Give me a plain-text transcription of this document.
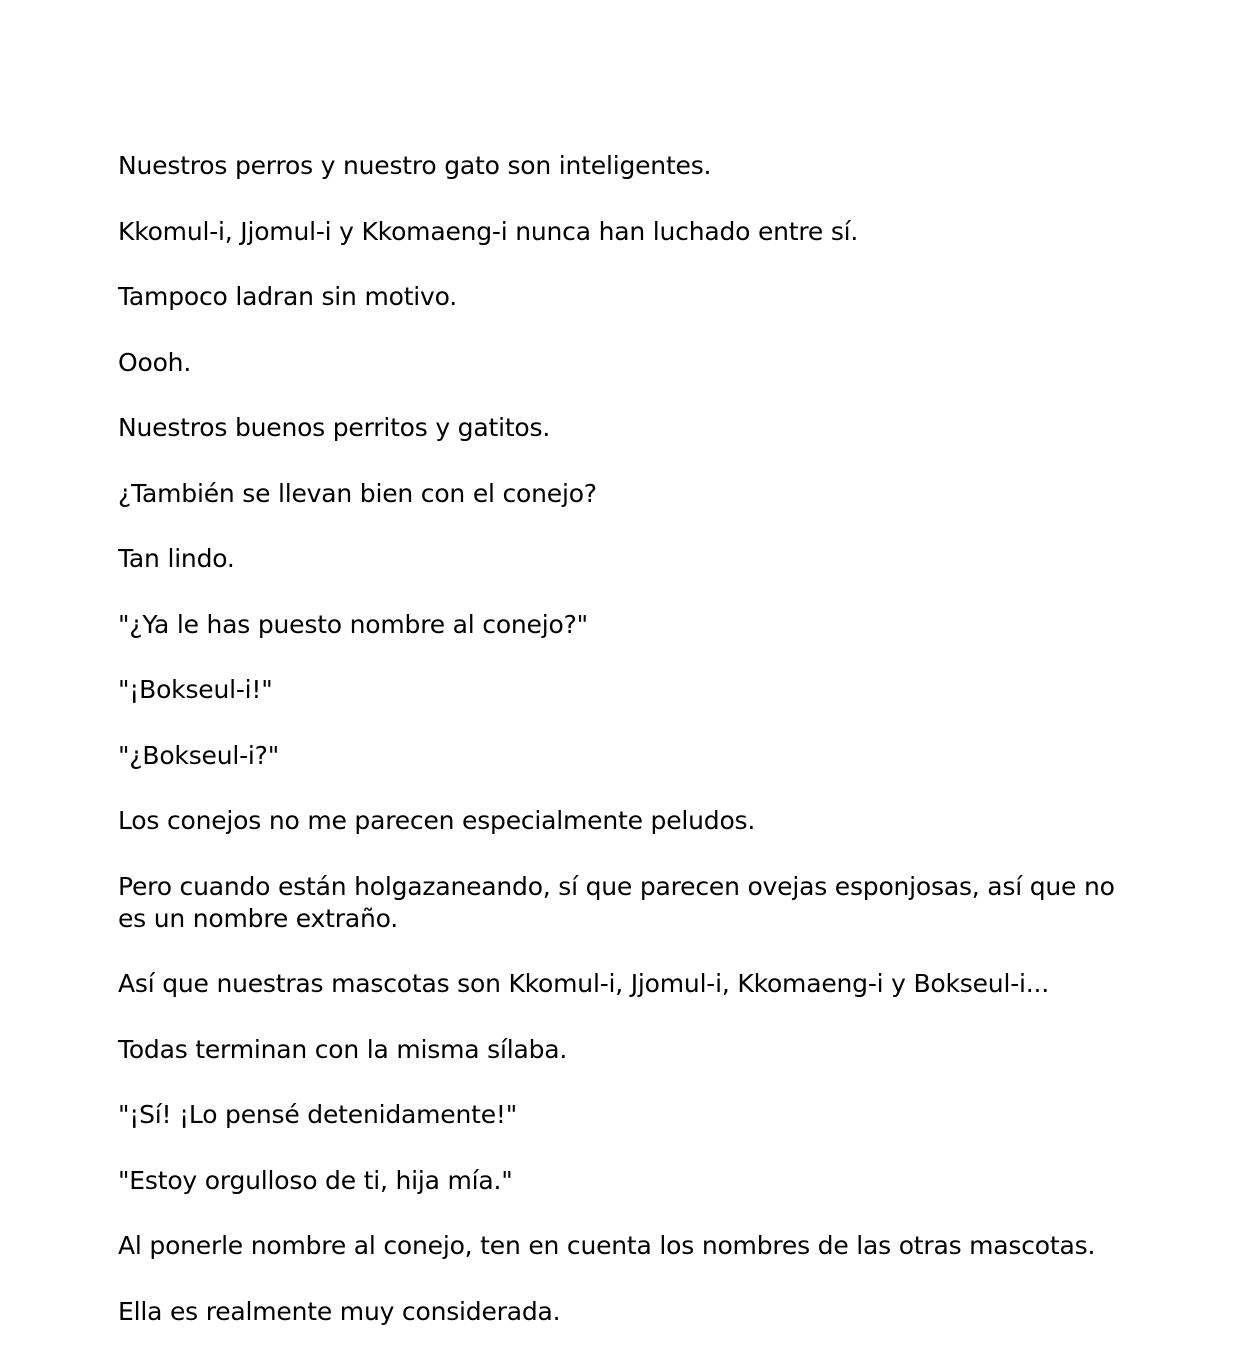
Nuestros perros y nuestro gato son inteligentes.

Kkomul-i, Jjomul-i y Kkomaeng-i nunca han luchado entre sí.

Tampoco ladran sin motivo.

Oooh.

Nuestros buenos perritos y gatitos.

¿También se llevan bien con el conejo?

Tan lindo.

"¿Ya le has puesto nombre al conejo?"

"¡Bokseul-i!"

"¿Bokseul-i?"

Los conejos no me parecen especialmente peludos.

Pero cuando están holgazaneando, sí que parecen ovejas esponjosas, así que no es un nombre extraño.

Así que nuestras mascotas son Kkomul-i, Jjomul-i, Kkomaeng-i y Bokseul-i...

Todas terminan con la misma sílaba.

"¡Sí! ¡Lo pensé detenidamente!"

"Estoy orgulloso de ti, hija mía."

Al ponerle nombre al conejo, ten en cuenta los nombres de las otras mascotas.

Ella es realmente muy considerada.
